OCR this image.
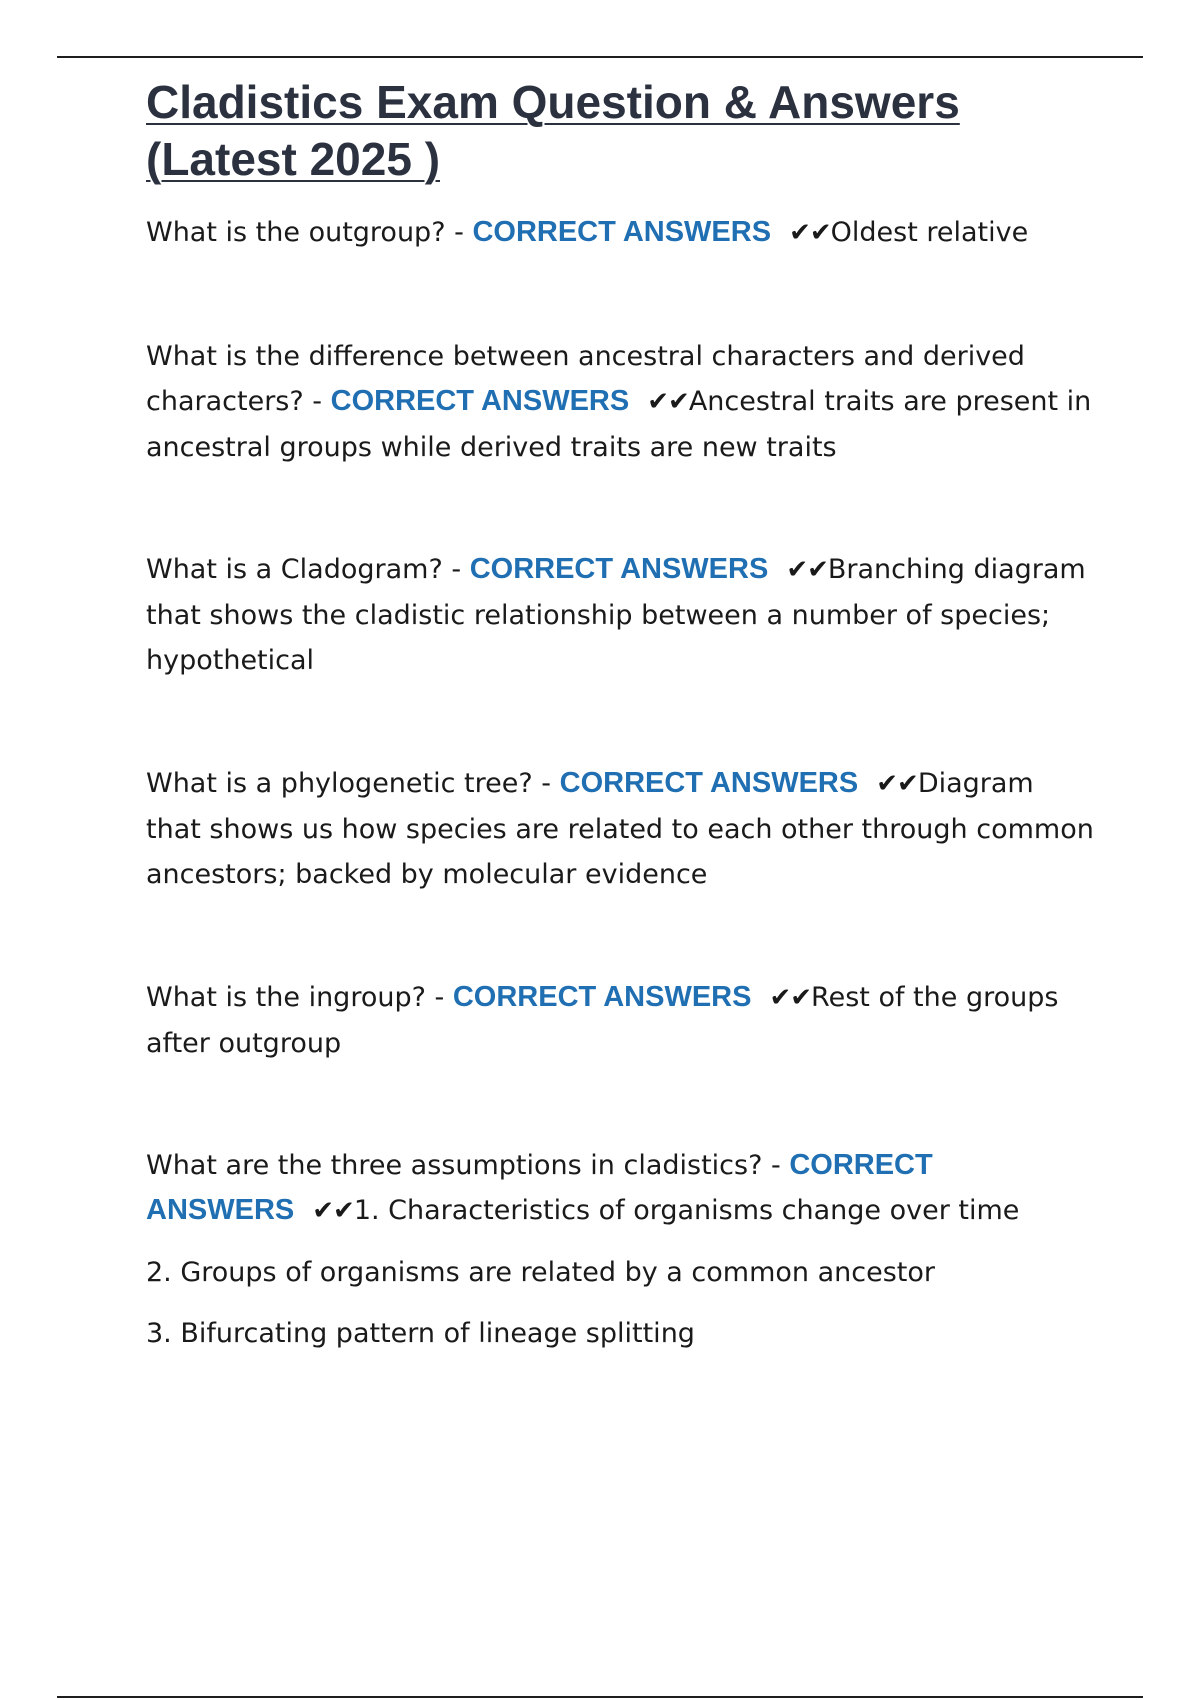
Cladistics Exam Question & Answers (Latest 2025 )

What is the outgroup? - CORRECT ANSWERS ✔✔Oldest relative

What is the difference between ancestral characters and derived characters? - CORRECT ANSWERS ✔✔Ancestral traits are present in ancestral groups while derived traits are new traits

What is a Cladogram? - CORRECT ANSWERS ✔✔Branching diagram that shows the cladistic relationship between a number of species; hypothetical

What is a phylogenetic tree? - CORRECT ANSWERS ✔✔Diagram that shows us how species are related to each other through common ancestors; backed by molecular evidence

What is the ingroup? - CORRECT ANSWERS ✔✔Rest of the groups after outgroup

What are the three assumptions in cladistics? - CORRECT ANSWERS ✔✔1. Characteristics of organisms change over time
2. Groups of organisms are related by a common ancestor
3. Bifurcating pattern of lineage splitting
